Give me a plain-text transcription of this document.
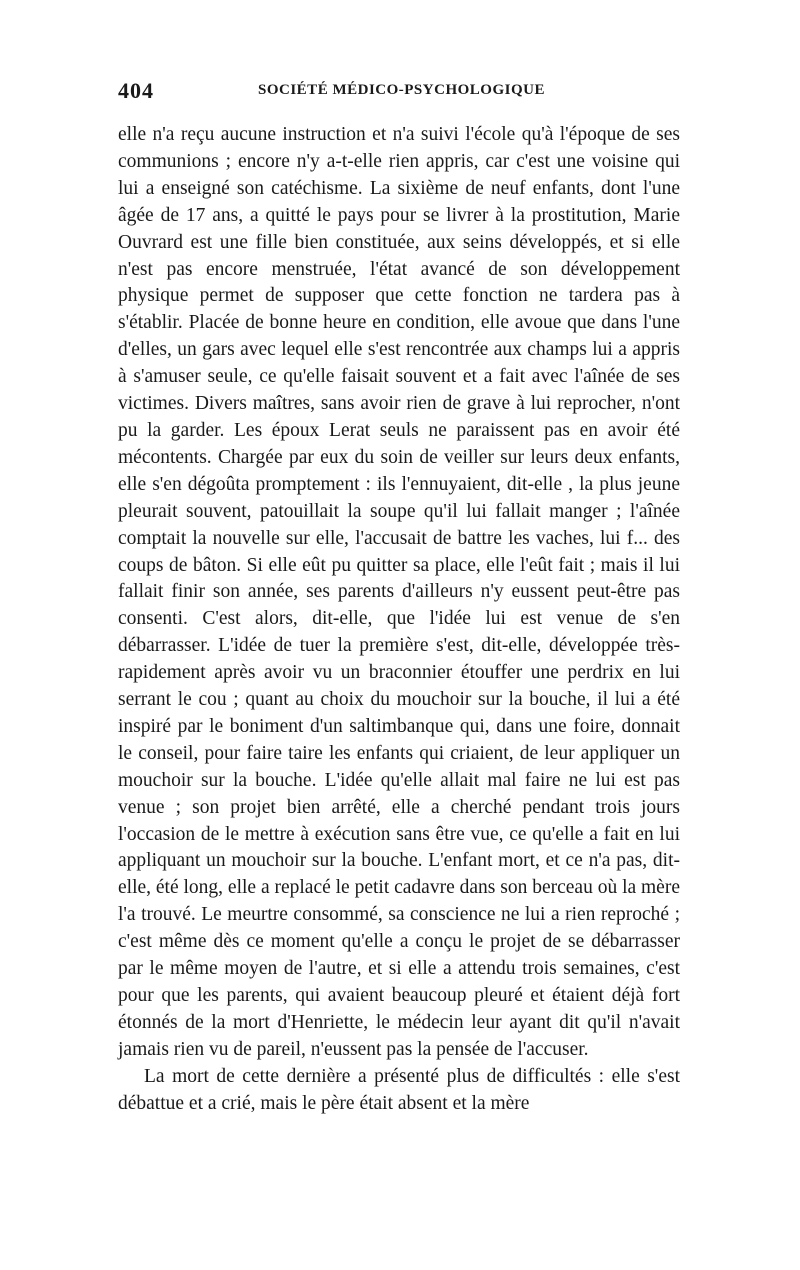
404	SOCIÉTÉ MÉDICO-PSYCHOLOGIQUE

elle n'a reçu aucune instruction et n'a suivi l'école qu'à l'époque de ses communions ; encore n'y a-t-elle rien appris, car c'est une voisine qui lui a enseigné son catéchisme. La sixième de neuf enfants, dont l'une âgée de 17 ans, a quitté le pays pour se livrer à la prostitution, Marie Ouvrard est une fille bien constituée, aux seins développés, et si elle n'est pas encore menstruée, l'état avancé de son développement physique permet de supposer que cette fonction ne tardera pas à s'établir. Placée de bonne heure en condition, elle avoue que dans l'une d'elles, un gars avec lequel elle s'est rencontrée aux champs lui a appris à s'amuser seule, ce qu'elle faisait souvent et a fait avec l'aînée de ses victimes. Divers maîtres, sans avoir rien de grave à lui reprocher, n'ont pu la garder. Les époux Lerat seuls ne paraissent pas en avoir été mécontents. Chargée par eux du soin de veiller sur leurs deux enfants, elle s'en dégoûta promptement : ils l'ennuyaient, dit-elle , la plus jeune pleurait souvent, patouillait la soupe qu'il lui fallait manger ; l'aînée comptait la nouvelle sur elle, l'accusait de battre les vaches, lui f... des coups de bâton. Si elle eût pu quitter sa place, elle l'eût fait ; mais il lui fallait finir son année, ses parents d'ailleurs n'y eussent peut-être pas consenti. C'est alors, dit-elle, que l'idée lui est venue de s'en débarrasser. L'idée de tuer la première s'est, dit-elle, développée très-rapidement après avoir vu un braconnier étouffer une perdrix en lui serrant le cou ; quant au choix du mouchoir sur la bouche, il lui a été inspiré par le boniment d'un saltimbanque qui, dans une foire, donnait le conseil, pour faire taire les enfants qui criaient, de leur appliquer un mouchoir sur la bouche. L'idée qu'elle allait mal faire ne lui est pas venue ; son projet bien arrêté, elle a cherché pendant trois jours l'occasion de le mettre à exécution sans être vue, ce qu'elle a fait en lui appliquant un mouchoir sur la bouche. L'enfant mort, et ce n'a pas, dit-elle, été long, elle a replacé le petit cadavre dans son berceau où la mère l'a trouvé. Le meurtre consommé, sa conscience ne lui a rien reproché ; c'est même dès ce moment qu'elle a conçu le projet de se débarrasser par le même moyen de l'autre, et si elle a attendu trois semaines, c'est pour que les parents, qui avaient beaucoup pleuré et étaient déjà fort étonnés de la mort d'Henriette, le médecin leur ayant dit qu'il n'avait jamais rien vu de pareil, n'eussent pas la pensée de l'accuser.

La mort de cette dernière a présenté plus de difficultés : elle s'est débattue et a crié, mais le père était absent et la mère
